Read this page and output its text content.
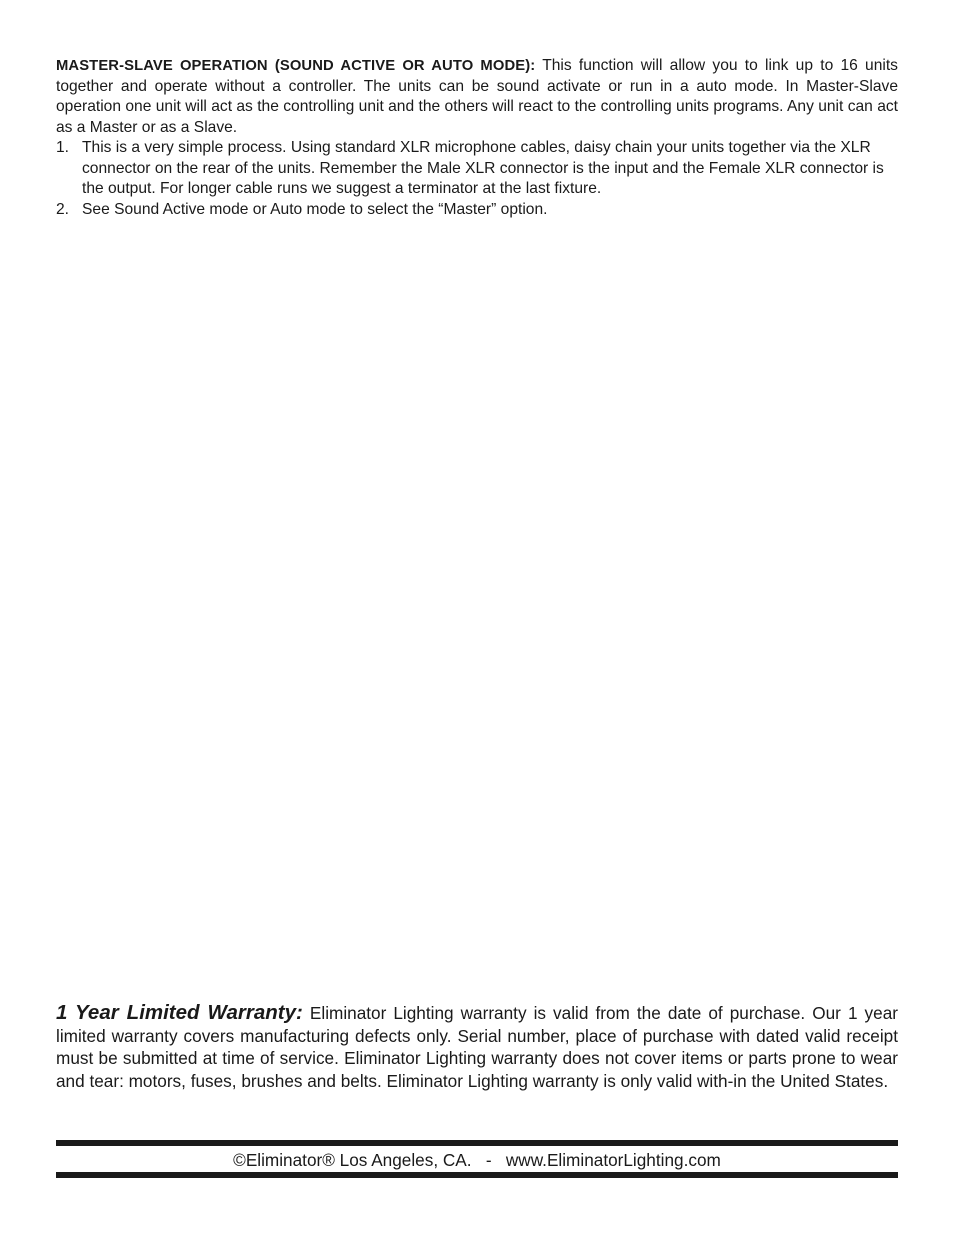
MASTER-SLAVE OPERATION (SOUND ACTIVE OR AUTO MODE): This function will allow you to link up to 16 units together and operate without a controller. The units can be sound activate or run in a auto mode. In Master-Slave operation one unit will act as the controlling unit and the others will react to the controlling units programs. Any unit can act as a Master or as a Slave.

1. This is a very simple process. Using standard XLR microphone cables, daisy chain your units together via the XLR connector on the rear of the units. Remember the Male XLR connector is the input and the Female XLR connector is the output. For longer cable runs we suggest a terminator at the last fixture.
2. See Sound Active mode or Auto mode to select the “Master” option.

1 Year Limited Warranty: Eliminator Lighting warranty is valid from the date of purchase. Our 1 year limited warranty covers manufacturing defects only. Serial number, place of purchase with dated valid receipt must be submitted at time of service. Eliminator Lighting warranty does not cover items or parts prone to wear and tear: motors, fuses, brushes and belts. Eliminator Lighting warranty is only valid with-in the United States.

©Eliminator® Los Angeles, CA.   -   www.EliminatorLighting.com
